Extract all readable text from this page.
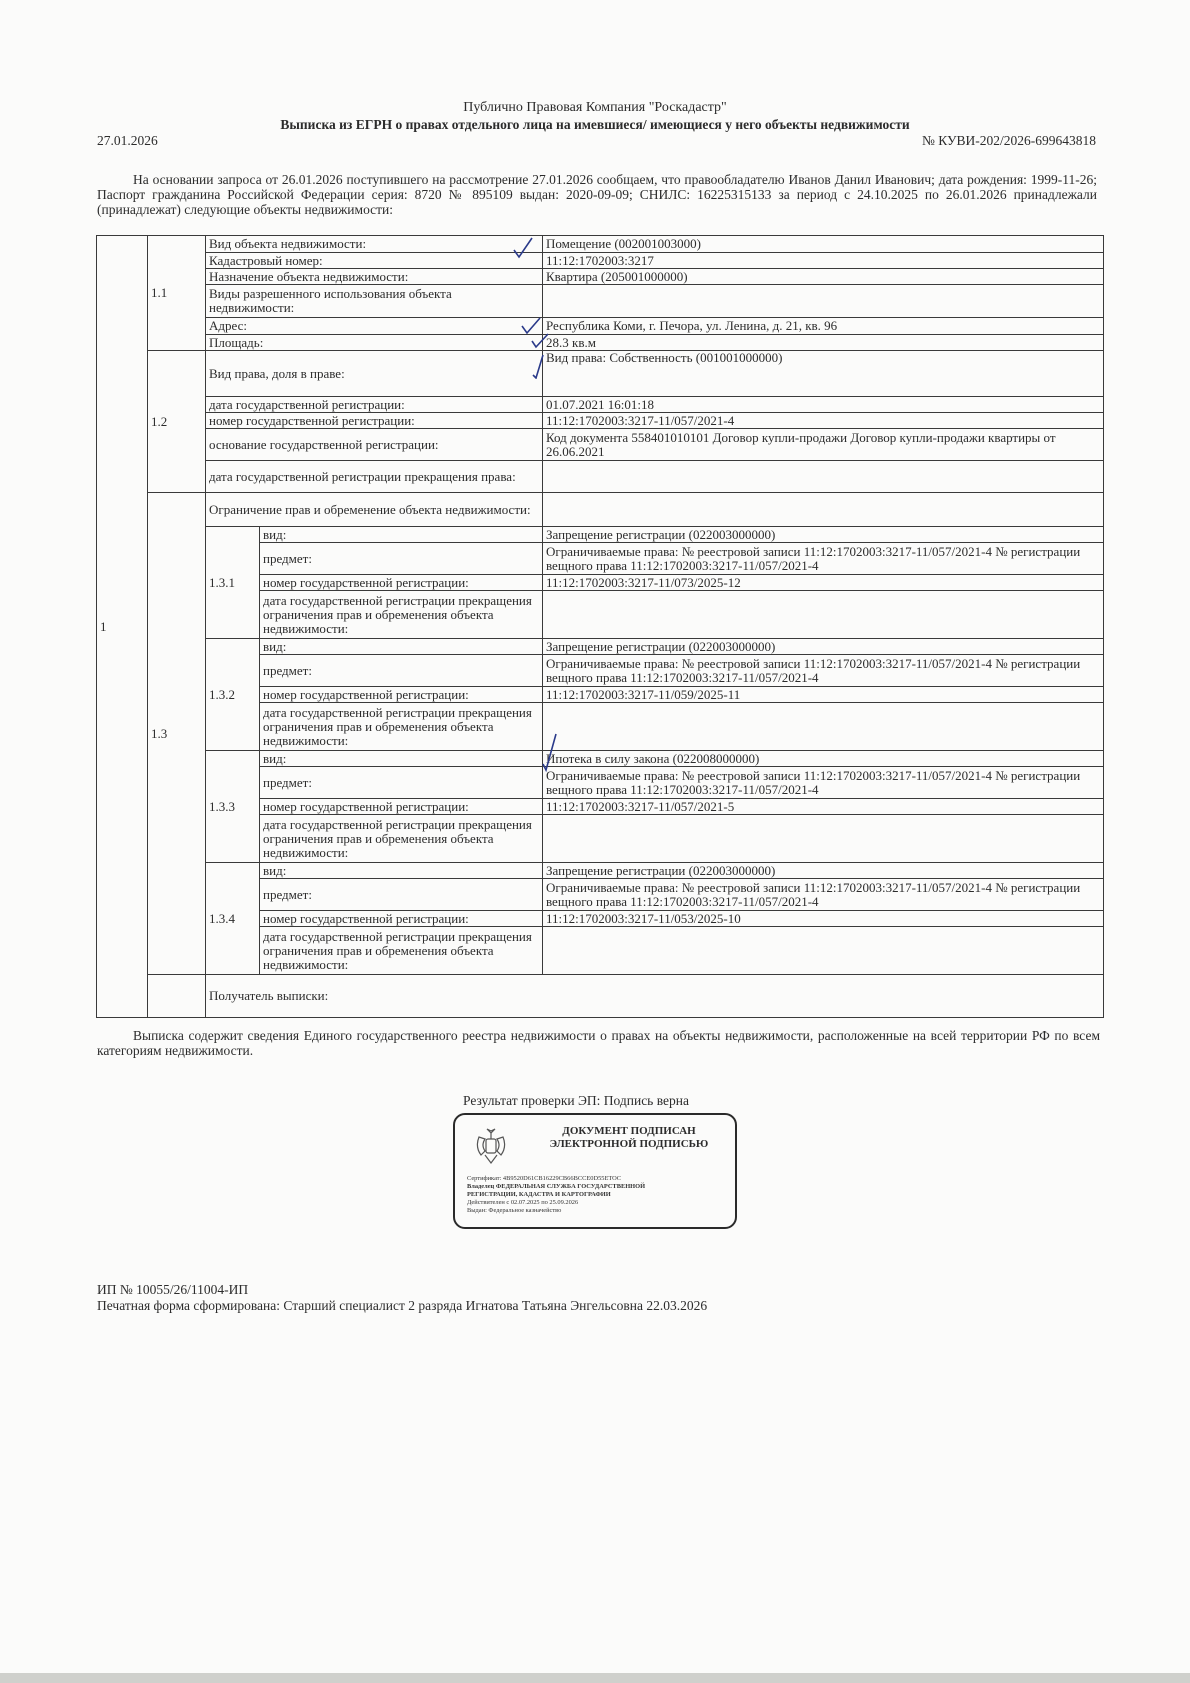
Публично Правовая Компания "Роскадастр"
Выписка из ЕГРН о правах отдельного лица на имевшиеся/ имеющиеся у него объекты недвижимости
27.01.2026	№ КУВИ-202/2026-699643818
На основании запроса от 26.01.2026 поступившего на рассмотрение 27.01.2026 сообщаем, что правообладателю Иванов Данил Иванович; дата рождения: 1999-11-26; Паспорт гражданина Российской Федерации серия: 8720 № 895109 выдан: 2020-09-09; СНИЛС: 16225315133 за период с 24.10.2025 по 26.01.2026 принадлежали (принадлежат) следующие объекты недвижимости:
1	1.1	Вид объекта недвижимости:		Помещение (002001003000)	
		Кадастровый номер:		11:12:1702003:3217	
		Назначение объекта недвижимости:		Квартира (205001000000)	
		Виды разрешенного использования объекта недвижимости:			
		Адрес:		Республика Коми, г. Печора, ул. Ленина, д. 21, кв. 96	
		Площадь:		28.3 кв.м	
	1.2	Вид права, доля в праве:		Вид права: Собственность (001001000000)	
		дата государственной регистрации:		01.07.2021 16:01:18	
		номер государственной регистрации:		11:12:1702003:3217-11/057/2021-4	
		основание государственной регистрации:		Код документа 558401010101 Договор купли-продажи Договор купли-продажи квартиры от 26.06.2021	
		дата государственной регистрации прекращения права:			
	1.3	Ограничение прав и обременение объекта недвижимости:			
		1.3.1	вид:	Запрещение регистрации (022003000000)	
			предмет:	Ограничиваемые права: № реестровой записи 11:12:1702003:3217-11/057/2021-4 № регистрации вещного права 11:12:1702003:3217-11/057/2021-4	
			номер государственной регистрации:	11:12:1702003:3217-11/073/2025-12	
			дата государственной регистрации прекращения ограничения прав и обременения объекта недвижимости:		
		1.3.2	вид:	Запрещение регистрации (022003000000)	
			предмет:	Ограничиваемые права: № реестровой записи 11:12:1702003:3217-11/057/2021-4 № регистрации вещного права 11:12:1702003:3217-11/057/2021-4	
			номер государственной регистрации:	11:12:1702003:3217-11/059/2025-11	
			дата государственной регистрации прекращения ограничения прав и обременения объекта недвижимости:		
		1.3.3	вид:	Ипотека в силу закона (022008000000)	
			предмет:	Ограничиваемые права: № реестровой записи 11:12:1702003:3217-11/057/2021-4 № регистрации вещного права 11:12:1702003:3217-11/057/2021-4	
			номер государственной регистрации:	11:12:1702003:3217-11/057/2021-5	
			дата государственной регистрации прекращения ограничения прав и обременения объекта недвижимости:		
		1.3.4	вид:	Запрещение регистрации (022003000000)	
			предмет:	Ограничиваемые права: № реестровой записи 11:12:1702003:3217-11/057/2021-4 № регистрации вещного права 11:12:1702003:3217-11/057/2021-4	
			номер государственной регистрации:	11:12:1702003:3217-11/053/2025-10	
			дата государственной регистрации прекращения ограничения прав и обременения объекта недвижимости:		
		Получатель выписки:	
Выписка содержит сведения Единого государственного реестра недвижимости о правах на объекты недвижимости, расположенные на всей территории РФ по всем категориям недвижимости.
Результат проверки ЭП: Подпись верна
ДОКУМЕНТ ПОДПИСАН
ЭЛЕКТРОННОЙ ПОДПИСЬЮ
Сертификат: 4B9520D61CB16229CB66BCCE0D55ETOC
Владелец ФЕДЕРАЛЬНАЯ СЛУЖБА ГОСУДАРСТВЕННОЙ
РЕГИСТРАЦИИ, КАДАСТРА И КАРТОГРАФИИ
Действителен с 02.07.2025 по 25.09.2026
Выдан: Федеральное казначейство
ИП № 10055/26/11004-ИП
Печатная форма сформирована: Старший специалист 2 разряда Игнатова Татьяна Энгельсовна 22.03.2026
